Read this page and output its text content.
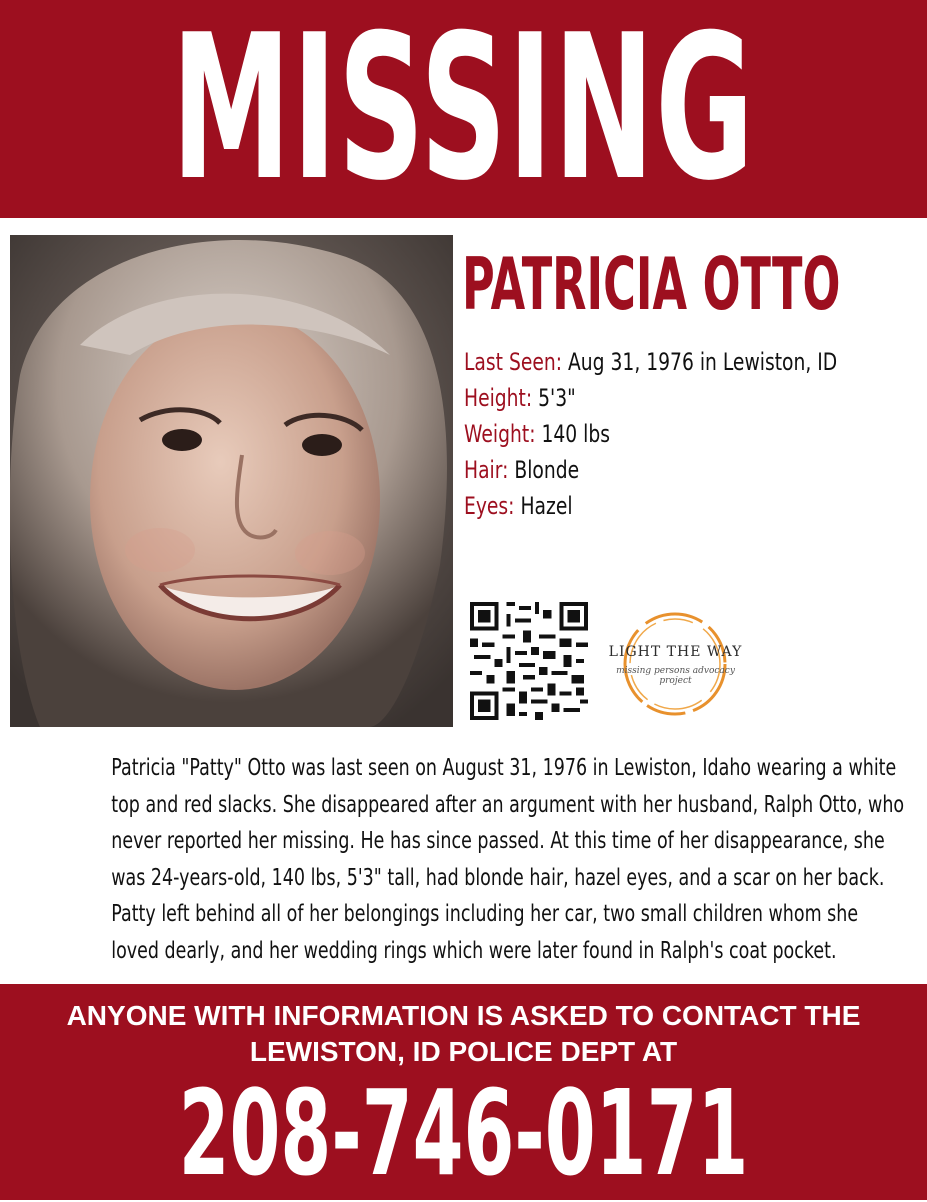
MISSING
PATRICIA OTTO
Last Seen: Aug 31, 1976 in Lewiston, ID
Height: 5'3"
Weight: 140 lbs
Hair: Blonde
Eyes: Hazel
LIGHT THE WAY
missing persons advocacy project
Patricia "Patty" Otto was last seen on August 31, 1976 in Lewiston, Idaho wearing a white
top and red slacks. She disappeared after an argument with her husband, Ralph Otto, who
never reported her missing. He has since passed. At this time of her disappearance, she
was 24-years-old, 140 lbs, 5'3" tall, had blonde hair, hazel eyes, and a scar on her back.
Patty left behind all of her belongings including her car, two small children whom she
loved dearly, and her wedding rings which were later found in Ralph's coat pocket.
ANYONE WITH INFORMATION IS ASKED TO CONTACT THE
LEWISTON, ID POLICE DEPT AT
208-746-0171
